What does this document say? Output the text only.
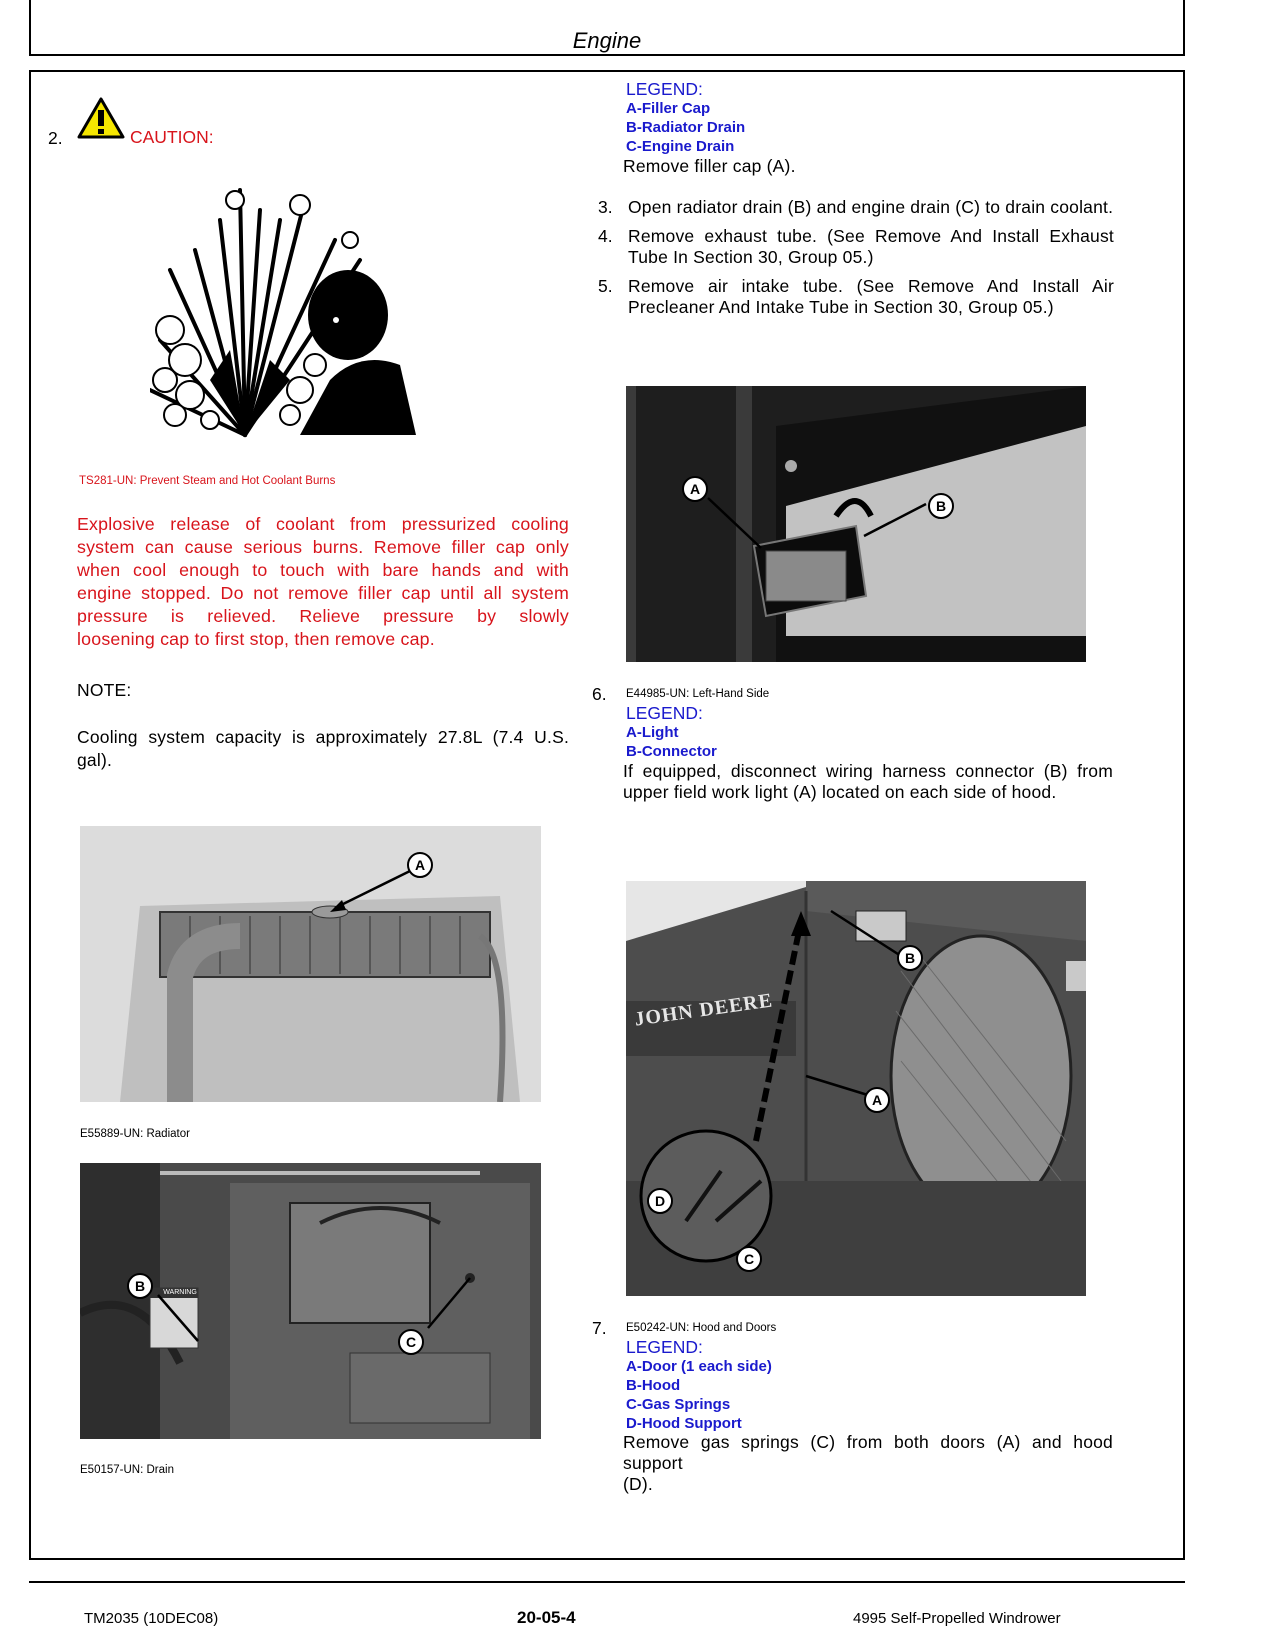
Engine
2.	CAUTION:
TS281-UN: Prevent Steam and Hot Coolant Burns
Explosive release of coolant from pressurized cooling
system can cause serious burns. Remove filler cap only
when cool enough to touch with bare hands and with
engine stopped. Do not remove filler cap until all system
pressure is relieved. Relieve pressure by slowly
loosening cap to first stop, then remove cap.
NOTE:
Cooling system capacity is approximately 27.8L (7.4 U.S. gal).
A
E55889-UN: Radiator
WARNING
B
C
E50157-UN: Drain
LEGEND:
A-Filler Cap
B-Radiator Drain
C-Engine Drain
Remove filler cap (A).
3. Open radiator drain (B) and engine drain (C) to drain coolant.
4. Remove exhaust tube. (See Remove And Install Exhaust
Tube In Section 30, Group 05.)
5. Remove air intake tube. (See Remove And Install Air
Precleaner And Intake Tube in Section 30, Group 05.)
A
B
6. E44985-UN: Left-Hand Side
LEGEND:
A-Light
B-Connector
If equipped, disconnect wiring harness connector (B) from
upper field work light (A) located on each side of hood.
JOHN DEERE
A
B
C
D
7. E50242-UN: Hood and Doors
LEGEND:
A-Door (1 each side)
B-Hood
C-Gas Springs
D-Hood Support
Remove gas springs (C) from both doors (A) and hood support
(D).
TM2035 (10DEC08)	20-05-4	4995 Self-Propelled Windrower
